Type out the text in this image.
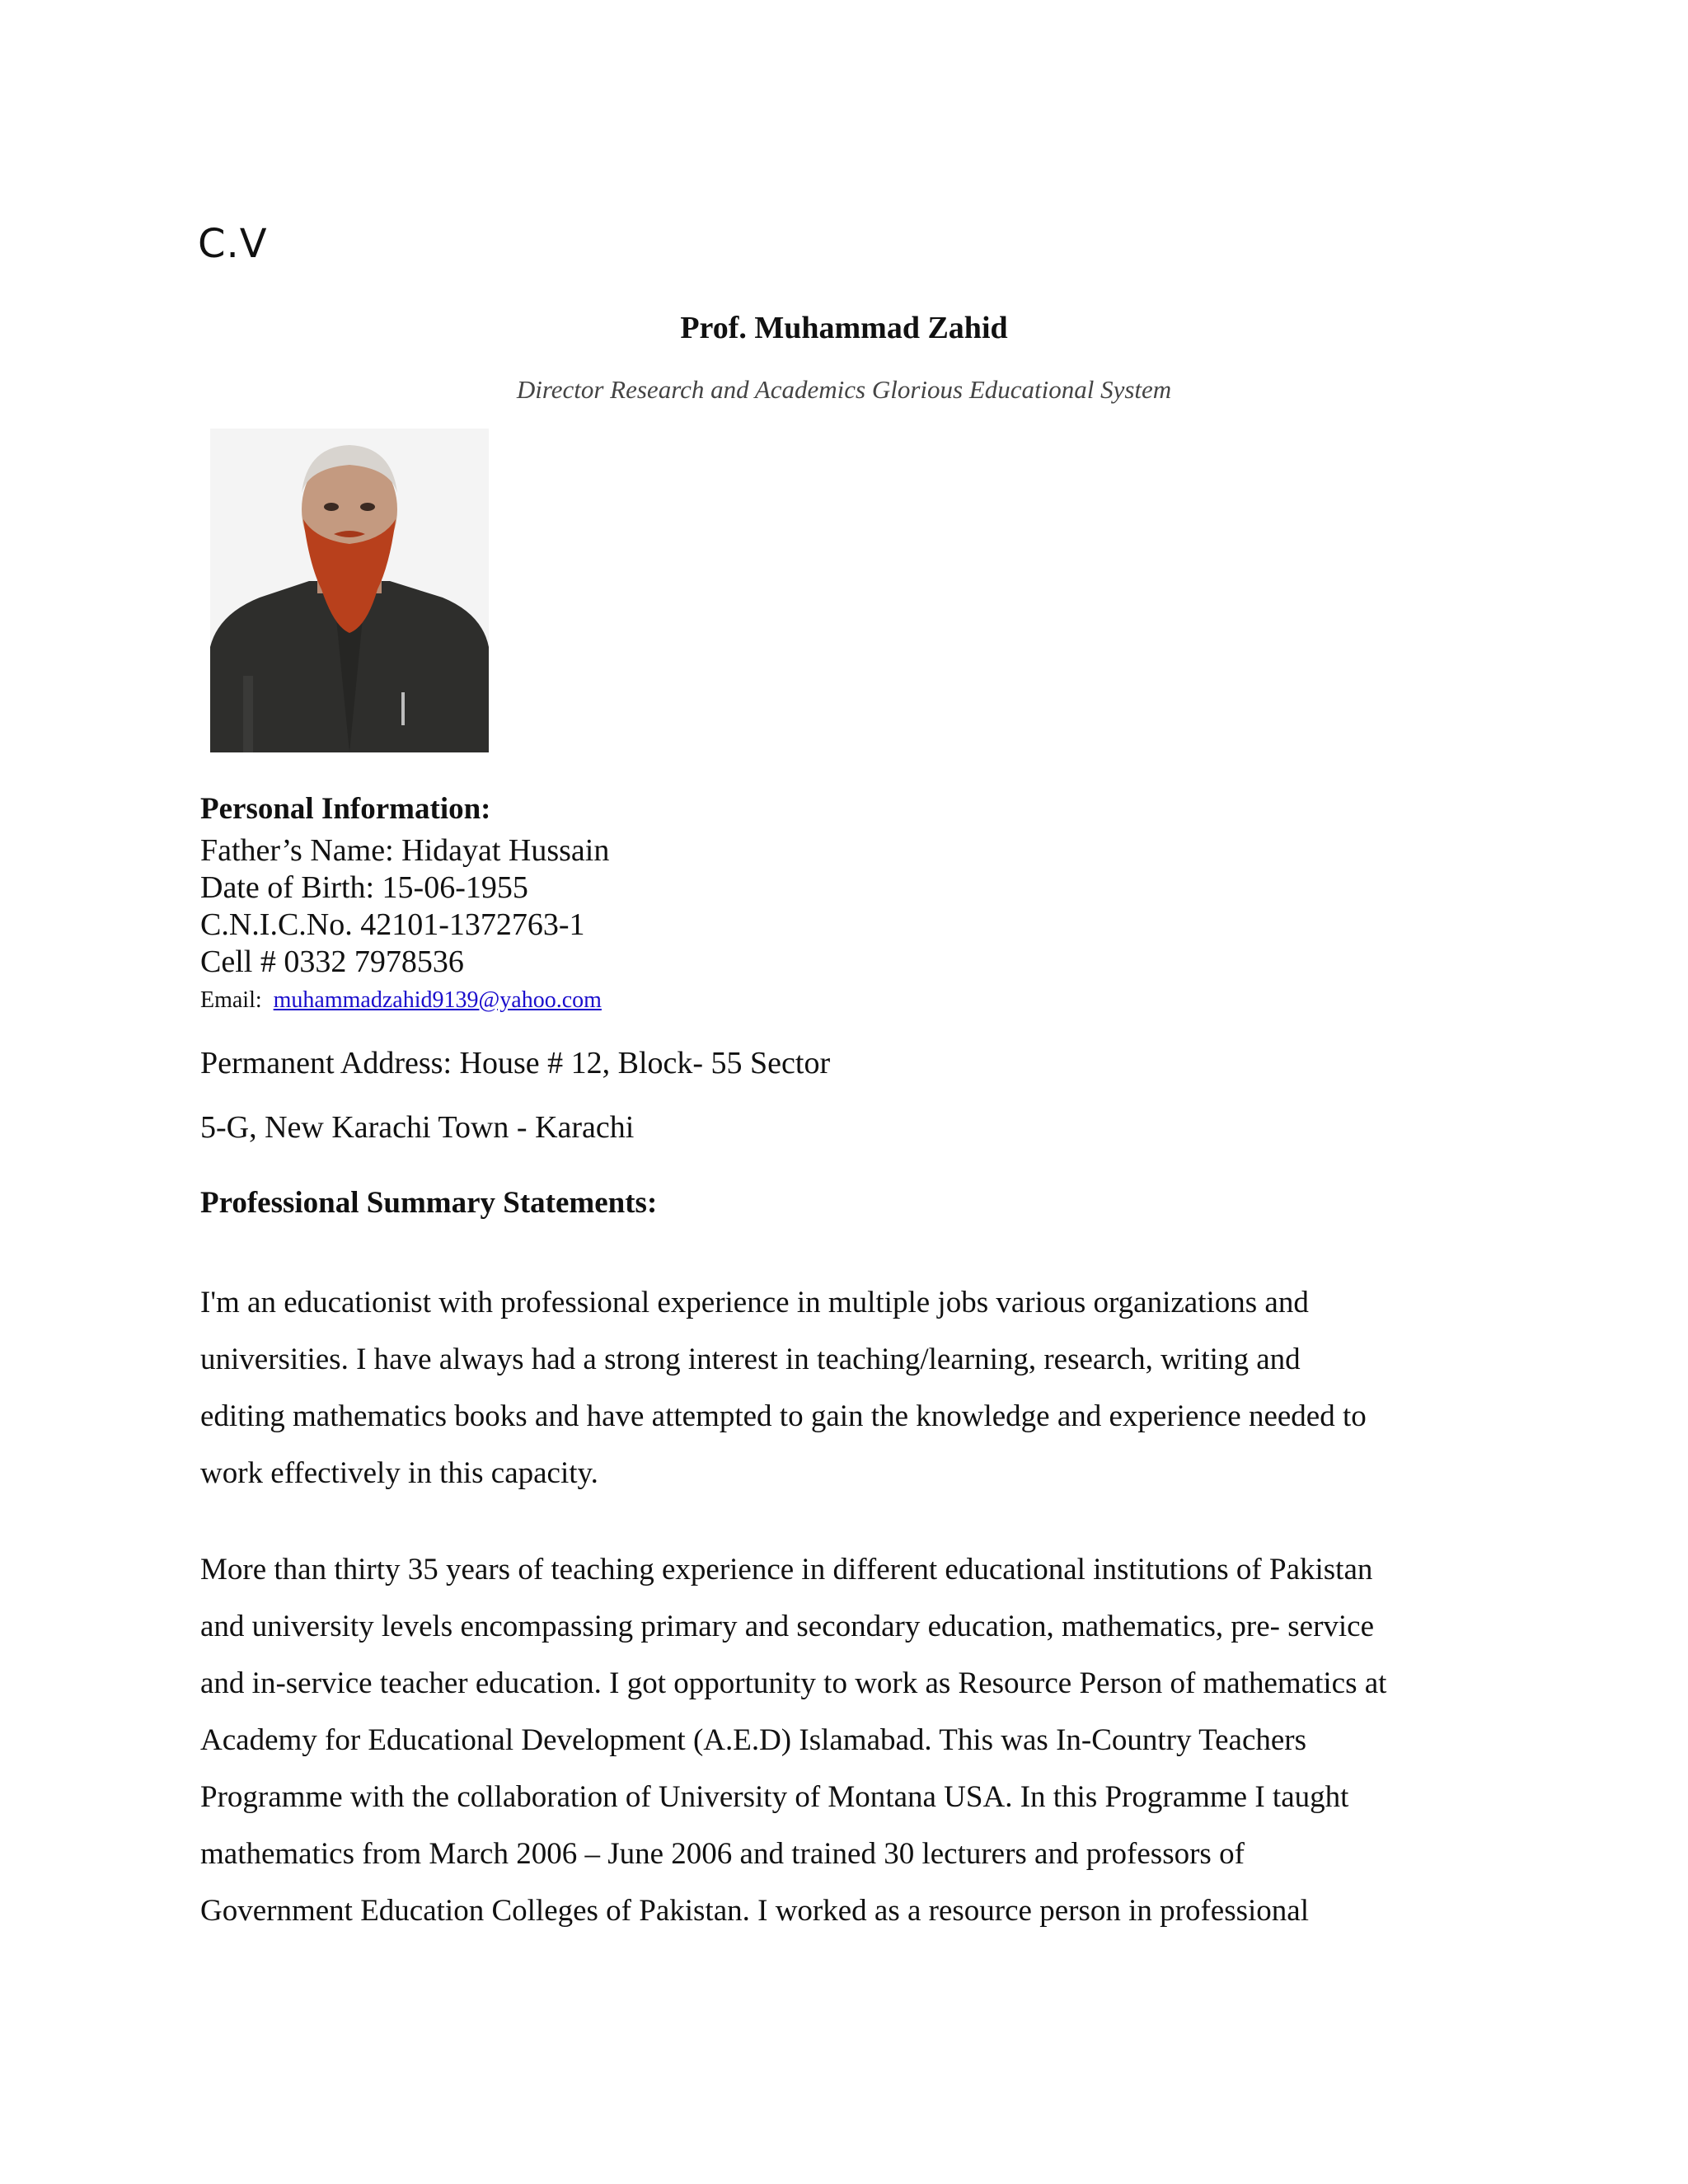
C.V
Prof. Muhammad Zahid
Director Research and Academics Glorious Educational System
Personal Information:
Father’s Name: Hidayat Hussain
Date of Birth: 15-06-1955
C.N.I.C.No. 42101-1372763-1
Cell # 0332 7978536
Email: muhammadzahid9139@yahoo.com
Permanent Address: House # 12, Block- 55 Sector
5-G, New Karachi Town - Karachi
Professional Summary Statements:
I'm an educationist with professional experience in multiple jobs various organizations and
universities. I have always had a strong interest in teaching/learning, research, writing and
editing mathematics books and have attempted to gain the knowledge and experience needed to
work effectively in this capacity.
More than thirty 35 years of teaching experience in different educational institutions of Pakistan
and university levels encompassing primary and secondary education, mathematics, pre- service
and in-service teacher education. I got opportunity to work as Resource Person of mathematics at
Academy for Educational Development (A.E.D) Islamabad. This was In-Country Teachers
Programme with the collaboration of University of Montana USA. In this Programme I taught
mathematics from March 2006 – June 2006 and trained 30 lecturers and professors of
Government Education Colleges of Pakistan. I worked as a resource person in professional
